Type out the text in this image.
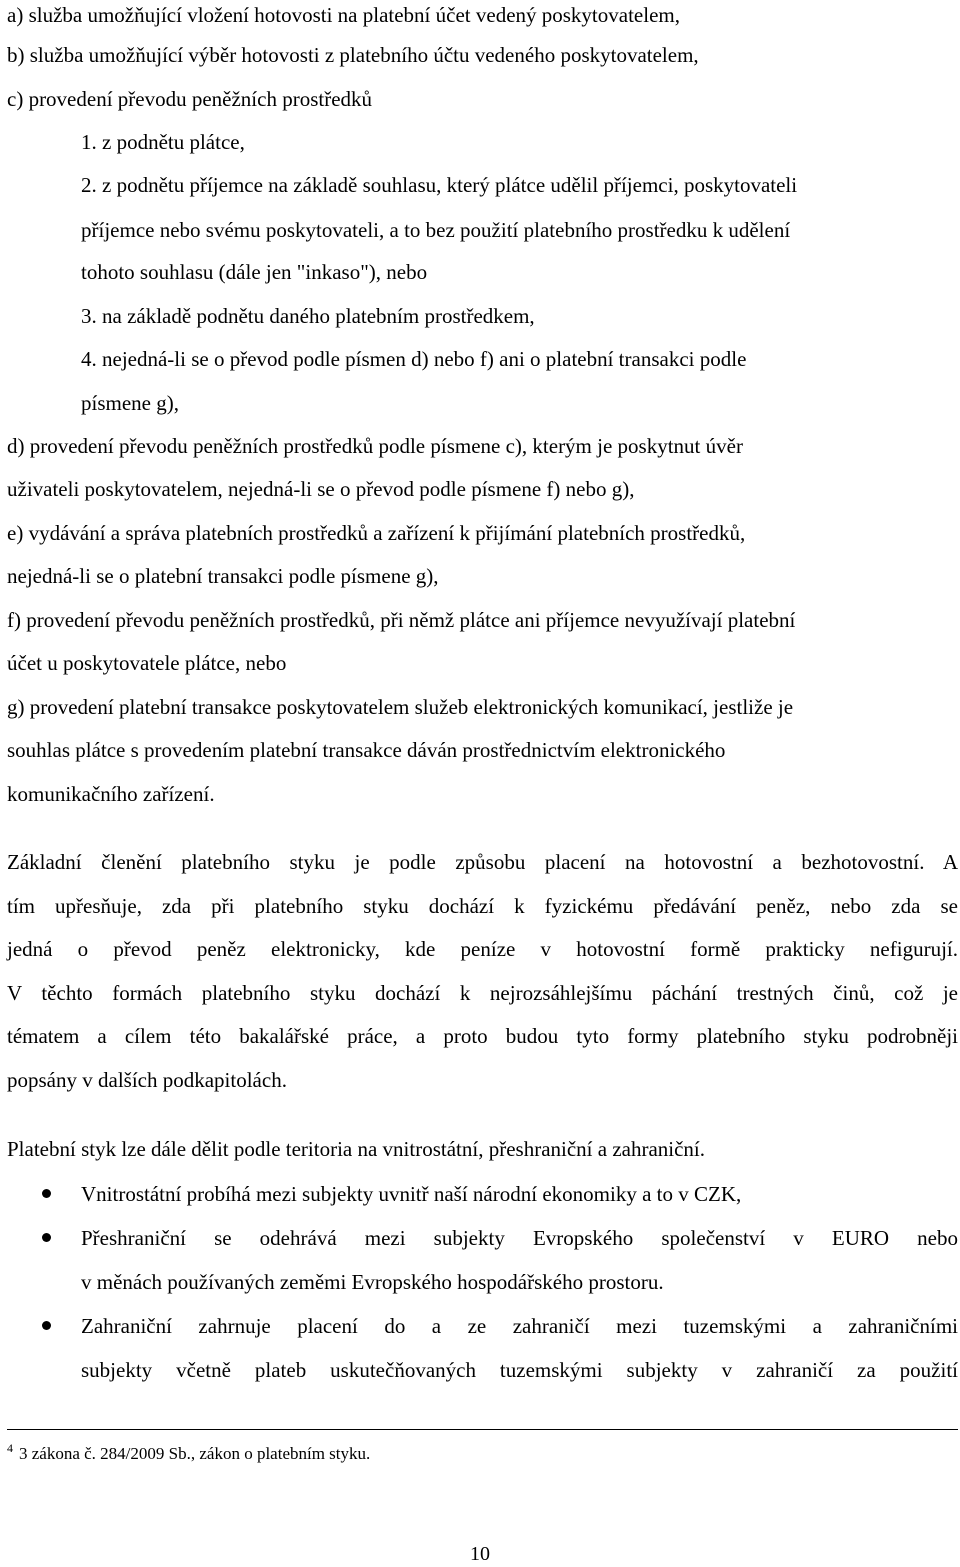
a) služba umožňující vložení hotovosti na platební účet vedený poskytovatelem,

b) služba umožňující výběr hotovosti z platebního účtu vedeného poskytovatelem,

c) provedení převodu peněžních prostředků

1. z podnětu plátce,

2. z podnětu příjemce na základě souhlasu, který plátce udělil příjemci, poskytovateli

příjemce nebo svému poskytovateli, a to bez použití platebního prostředku k udělení

tohoto souhlasu (dále jen "inkaso"), nebo

3. na základě podnětu daného platebním prostředkem,

4. nejedná-li se o převod podle písmen d) nebo f) ani o platební transakci podle

písmene g),

d) provedení převodu peněžních prostředků podle písmene c), kterým je poskytnut úvěr

uživateli poskytovatelem, nejedná-li se o převod podle písmene f) nebo g),

e) vydávání a správa platebních prostředků a zařízení k přijímání platebních prostředků,

nejedná-li se o platební transakci podle písmene g),

f) provedení převodu peněžních prostředků, při němž plátce ani příjemce nevyužívají platební

účet u poskytovatele plátce, nebo

g) provedení platební transakce poskytovatelem služeb elektronických komunikací, jestliže je

souhlas plátce s provedením platební transakce dáván prostřednictvím elektronického

komunikačního zařízení.

Základní členění platebního styku je podle způsobu placení na hotovostní a bezhotovostní. A

tím upřesňuje, zda při platebního styku dochází k fyzickému předávání peněz, nebo zda se

jedná o převod peněz elektronicky, kde peníze v hotovostní formě prakticky nefigurují.

V těchto formách platebního styku dochází k nejrozsáhlejšímu páchání trestných činů, což je

tématem a cílem této bakalářské práce, a proto budou tyto formy platebního styku podrobněji

popsány v dalších podkapitolách.

Platební styk lze dále dělit podle teritoria na vnitrostátní, přeshraniční a zahraniční.

Vnitrostátní probíhá mezi subjekty uvnitř naší národní ekonomiky a to v CZK,

Přeshraniční se odehrává mezi subjekty Evropského společenství v EURO nebo

v měnách používaných zeměmi Evropského hospodářského prostoru.

Zahraniční zahrnuje placení do a ze zahraničí mezi tuzemskými a zahraničními

subjekty včetně plateb uskutečňovaných tuzemskými subjekty v zahraničí za použití

$^4$ 3 zákona č. 284/2009 Sb., zákon o platebním styku.
10
